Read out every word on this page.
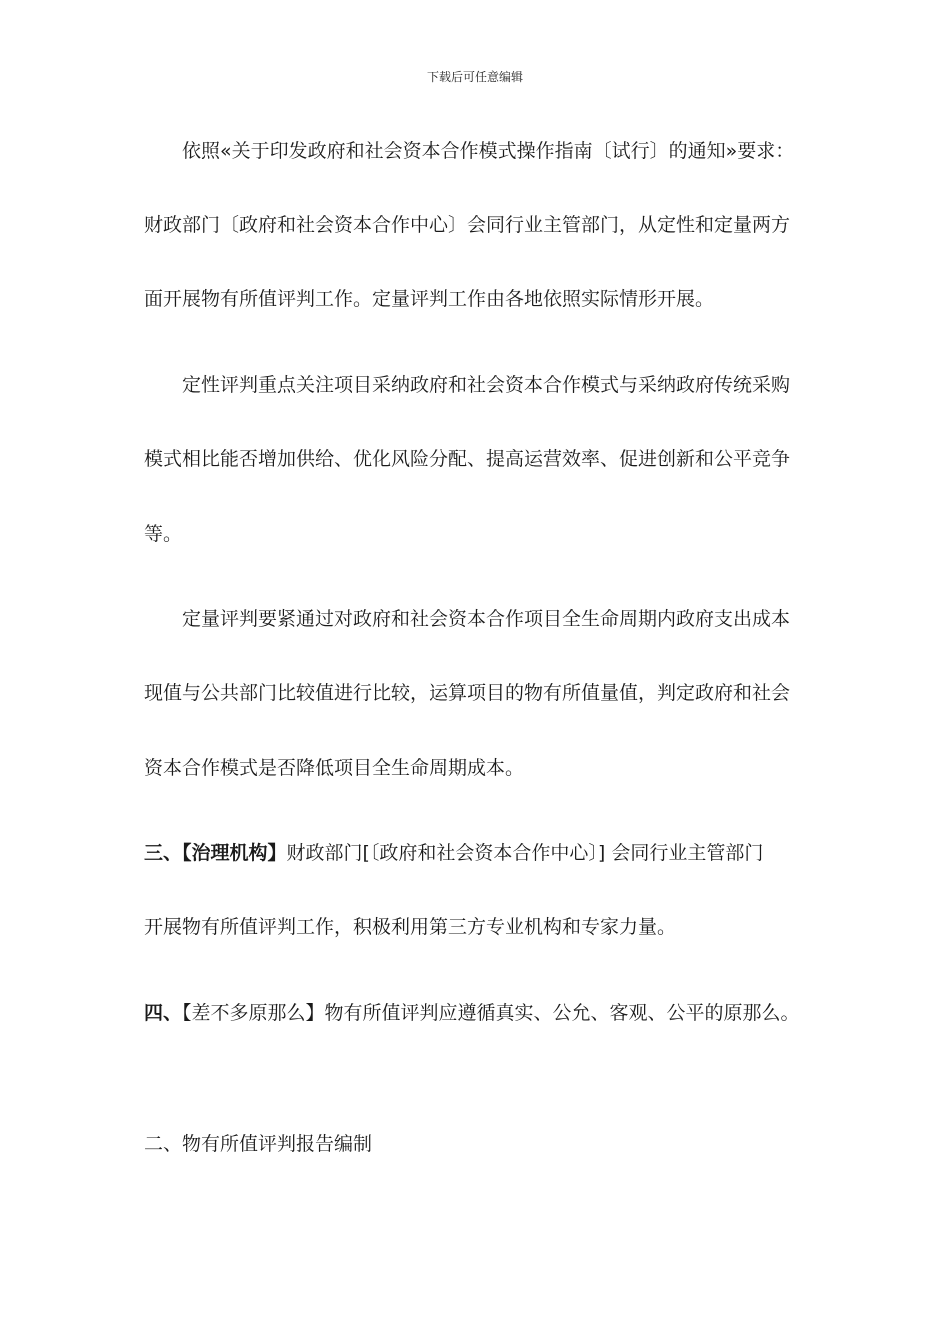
下载后可任意编辑
依照«关于印发政府和社会资本合作模式操作指南〔试行〕的通知»要求：
财政部门〔政府和社会资本合作中心〕会同行业主管部门，从定性和定量两方
面开展物有所值评判工作。定量评判工作由各地依照实际情形开展。
定性评判重点关注项目采纳政府和社会资本合作模式与采纳政府传统采购
模式相比能否增加供给、优化风险分配、提高运营效率、促进创新和公平竞争
等。
定量评判要紧通过对政府和社会资本合作项目全生命周期内政府支出成本
现值与公共部门比较值进行比较，运算项目的物有所值量值，判定政府和社会
资本合作模式是否降低项目全生命周期成本。
三、【治理机构】财政部门[〔政府和社会资本合作中心〕] 会同行业主管部门
开展物有所值评判工作，积极利用第三方专业机构和专家力量。
四、【差不多原那么】物有所值评判应遵循真实、公允、客观、公平的原那么。
二、物有所值评判报告编制
